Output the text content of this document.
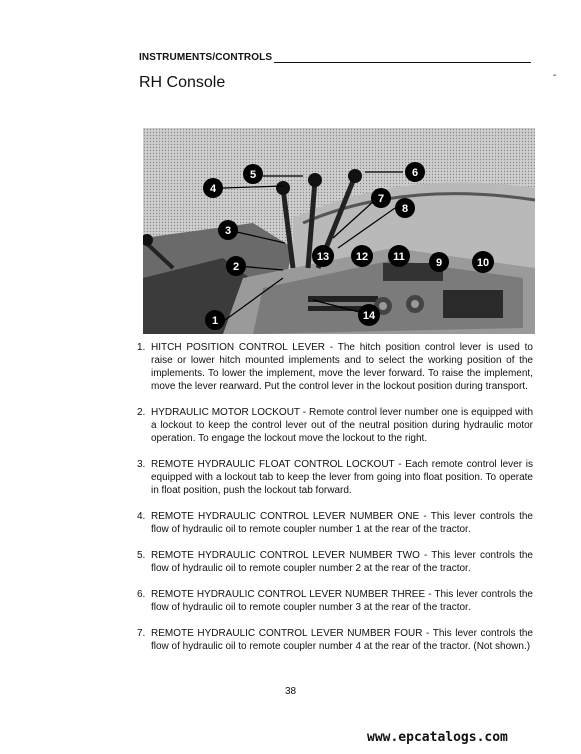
INSTRUMENTS/CONTROLS
-
RH Console
1
2
3
4
5	6
7
8
9	10
11
12
13
14
1. HITCH POSITION CONTROL LEVER - The hitch position control lever is used to raise or lower hitch mounted implements and to select the working position of the implements. To lower the implement, move the lever forward. To raise the implement, move the lever rearward. Put the control lever in the lockout position during transport.
2. HYDRAULIC MOTOR LOCKOUT - Remote control lever number one is equipped with a lockout to keep the control lever out of the neutral position during hydraulic motor operation. To engage the lockout move the lockout to the right.
3. REMOTE HYDRAULIC FLOAT CONTROL LOCKOUT - Each remote control lever is equipped with a lockout tab to keep the lever from going into float position. To operate in float position, push the lockout tab forward.
4. REMOTE HYDRAULIC CONTROL LEVER NUMBER ONE - This lever controls the flow of hydraulic oil to remote coupler number 1 at the rear of the tractor.
5. REMOTE HYDRAULIC CONTROL LEVER NUMBER TWO - This lever controls the flow of hydraulic oil to remote coupler number 2 at the rear of the tractor.
6. REMOTE HYDRAULIC CONTROL LEVER NUMBER THREE - This lever controls the flow of hydraulic oil to remote coupler number 3 at the rear of the tractor.
7. REMOTE HYDRAULIC CONTROL LEVER NUMBER FOUR - This lever controls the flow of hydraulic oil to remote coupler number 4 at the rear of the tractor. (Not shown.)
38
www.epcatalogs.com
